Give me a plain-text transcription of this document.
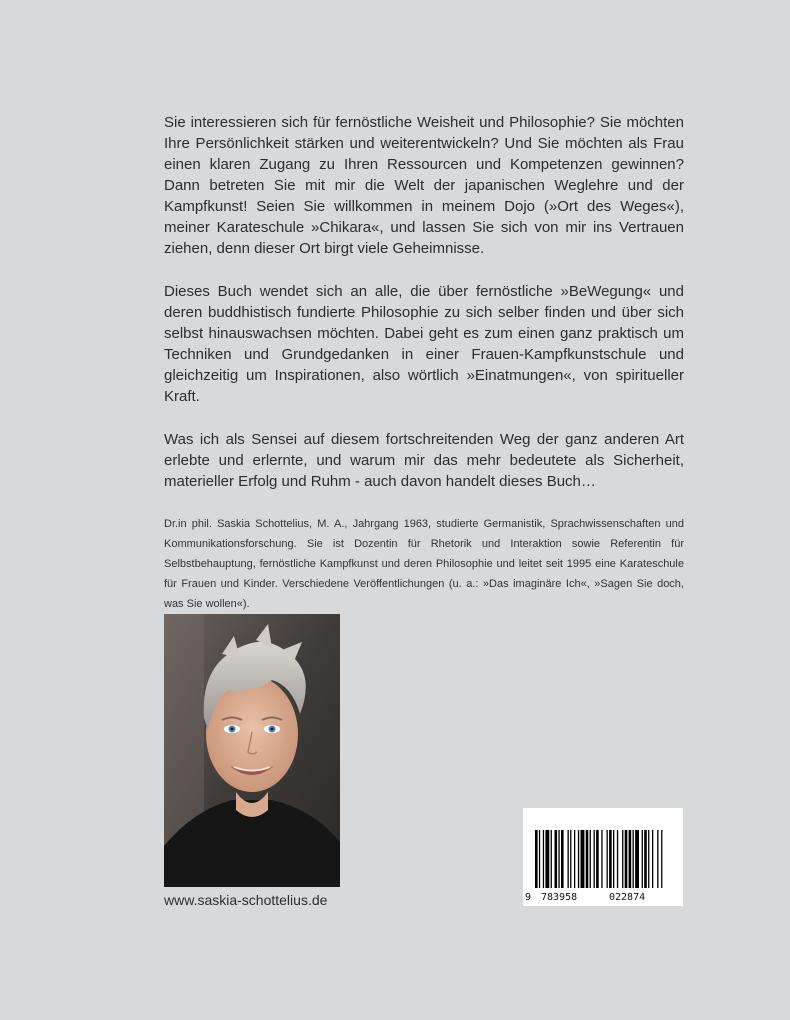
Sie interessieren sich für fernöstliche Weisheit und Philosophie? Sie möchten Ihre Persönlichkeit stärken und weiterentwickeln? Und Sie möchten als Frau einen klaren Zugang zu Ihren Ressourcen und Kompetenzen gewinnen? Dann betreten Sie mit mir die Welt der japanischen Weglehre und der Kampfkunst! Seien Sie willkommen in meinem Dojo (»Ort des Weges«), meiner Karateschule »Chikara«, und lassen Sie sich von mir ins Vertrauen ziehen, denn dieser Ort birgt viele Geheimnisse.

Dieses Buch wendet sich an alle, die über fernöstliche »BeWegung« und deren buddhistisch fundierte Philosophie zu sich selber finden und über sich selbst hinauswachsen möchten. Dabei geht es zum einen ganz praktisch um Techniken und Grundgedanken in einer Frauen-Kampfkunstschule und gleichzeitig um Inspirationen, also wörtlich »Einatmungen«, von spiritueller Kraft.

Was ich als Sensei auf diesem fortschreitenden Weg der ganz anderen Art erlebte und erlernte, und warum mir das mehr bedeutete als Sicherheit, materieller Erfolg und Ruhm - auch davon handelt dieses Buch…

Dr.in phil. Saskia Schottelius, M. A., Jahrgang 1963, studierte Germanistik, Sprachwissenschaften und Kommunikationsforschung. Sie ist Dozentin für Rhetorik und Interaktion sowie Referentin für Selbstbehauptung, fernöstliche Kampfkunst und deren Philosophie und leitet seit 1995 eine Karateschule für Frauen und Kinder. Verschiedene Veröffentlichungen (u. a.: »Das imaginäre Ich«, »Sagen Sie doch, was Sie wollen«).

www.saskia-schottelius.de	9 783958	022874
